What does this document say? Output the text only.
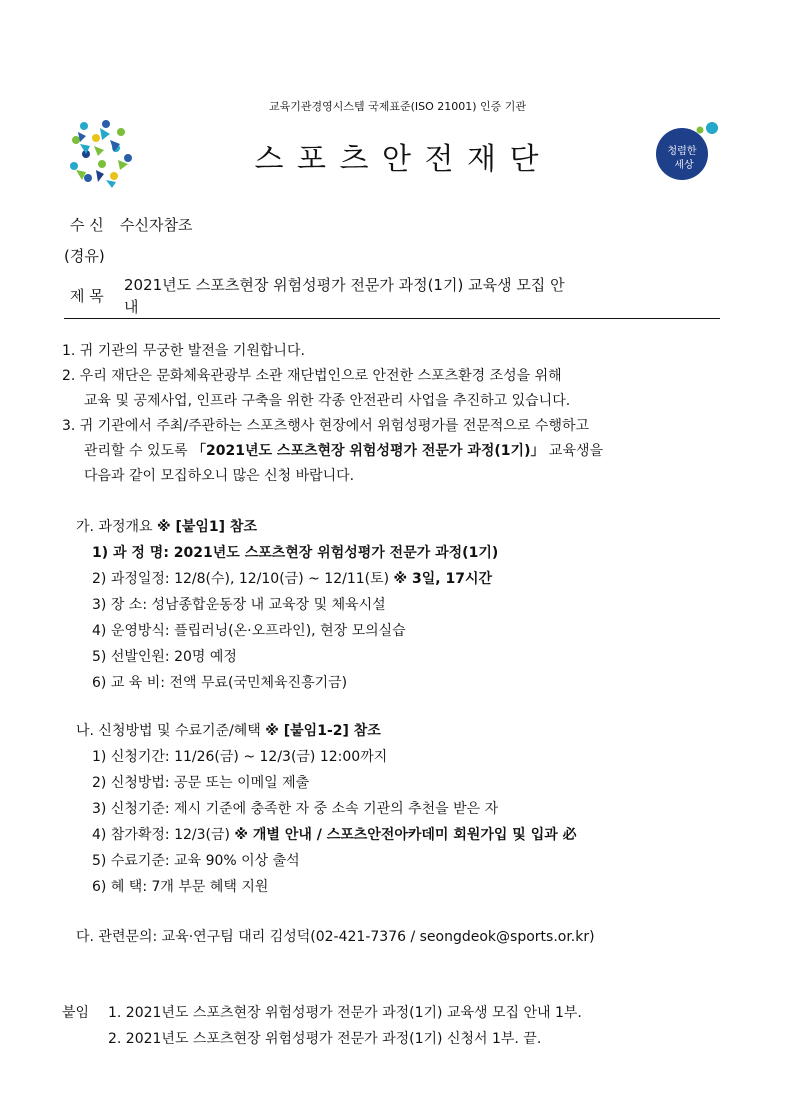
교육기관경영시스템 국제표준(ISO 21001) 인증 기관
스 포 츠 안 전 재 단	청렴한
세상
수 신 수신자참조
(경유)
제 목
2021년도 스포츠현장 위험성평가 전문가 과정(1기) 교육생 모집 안
내
1. 귀 기관의 무궁한 발전을 기원합니다.
2. 우리 재단은 문화체육관광부 소관 재단법인으로 안전한 스포츠환경 조성을 위해
교육 및 공제사업, 인프라 구축을 위한 각종 안전관리 사업을 추진하고 있습니다.
3. 귀 기관에서 주최/주관하는 스포츠행사 현장에서 위험성평가를 전문적으로 수행하고
관리할 수 있도록 「2021년도 스포츠현장 위험성평가 전문가 과정(1기)」 교육생을
다음과 같이 모집하오니 많은 신청 바랍니다.
가. 과정개요 ※ [붙임1] 참조
1) 과 정 명: 2021년도 스포츠현장 위험성평가 전문가 과정(1기)
2) 과정일정: 12/8(수), 12/10(금) ~ 12/11(토) ※ 3일, 17시간
3) 장 소: 성남종합운동장 내 교육장 및 체육시설
4) 운영방식: 플립러닝(온·오프라인), 현장 모의실습
5) 선발인원: 20명 예정
6) 교 육 비: 전액 무료(국민체육진흥기금)
나. 신청방법 및 수료기준/혜택 ※ [붙임1-2] 참조
1) 신청기간: 11/26(금) ~ 12/3(금) 12:00까지
2) 신청방법: 공문 또는 이메일 제출
3) 신청기준: 제시 기준에 충족한 자 중 소속 기관의 추천을 받은 자
4) 참가확정: 12/3(금) ※ 개별 안내 / 스포츠안전아카데미 회원가입 및 입과 必
5) 수료기준: 교육 90% 이상 출석
6) 혜 택: 7개 부문 혜택 지원
다. 관련문의: 교육·연구팀 대리 김성덕(02-421-7376 / seongdeok@sports.or.kr)
붙임 1. 2021년도 스포츠현장 위험성평가 전문가 과정(1기) 교육생 모집 안내 1부.
2. 2021년도 스포츠현장 위험성평가 전문가 과정(1기) 신청서 1부. 끝.
